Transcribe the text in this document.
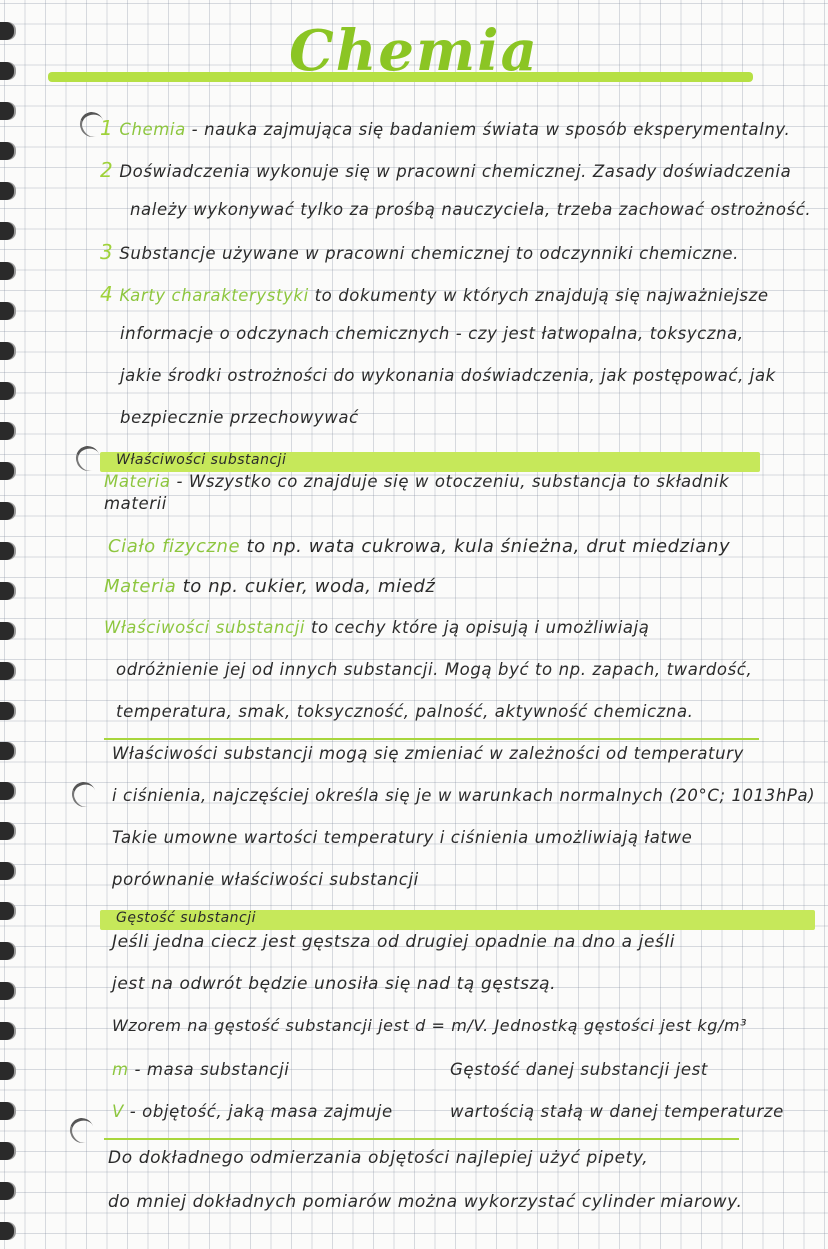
Chemia
1 Chemia - nauka zajmująca się badaniem świata w sposób eksperymentalny.
2 Doświadczenia wykonuje się w pracowni chemicznej. Zasady doświadczenia
należy wykonywać tylko za prośbą nauczyciela, trzeba zachować ostrożność.
3 Substancje używane w pracowni chemicznej to odczynniki chemiczne.
4 Karty charakterystyki to dokumenty w których znajdują się najważniejsze
informacje o odczynach chemicznych - czy jest łatwopalna, toksyczna,
jakie środki ostrożności do wykonania doświadczenia, jak postępować, jak
bezpiecznie przechowywać
Właściwości substancji
Materia - Wszystko co znajduje się w otoczeniu, substancja to składnik
materii
Ciało fizyczne to np. wata cukrowa, kula śnieżna, drut miedziany
Materia to np. cukier, woda, miedź
Właściwości substancji to cechy które ją opisują i umożliwiają
odróżnienie jej od innych substancji. Mogą być to np. zapach, twardość,
temperatura, smak, toksyczność, palność, aktywność chemiczna.
Właściwości substancji mogą się zmieniać w zależności od temperatury
i ciśnienia, najczęściej określa się je w warunkach normalnych (20°C; 1013hPa)
Takie umowne wartości temperatury i ciśnienia umożliwiają łatwe
porównanie właściwości substancji
Gęstość substancji
Jeśli jedna ciecz jest gęstsza od drugiej opadnie na dno a jeśli
jest na odwrót będzie unosiła się nad tą gęstszą.
Wzorem na gęstość substancji jest d = m/V. Jednostką gęstości jest kg/m³
m - masa substancji
V - objętość, jaką masa zajmuje
Gęstość danej substancji jest
wartością stałą w danej temperaturze
Do dokładnego odmierzania objętości najlepiej użyć pipety,
do mniej dokładnych pomiarów można wykorzystać cylinder miarowy.
